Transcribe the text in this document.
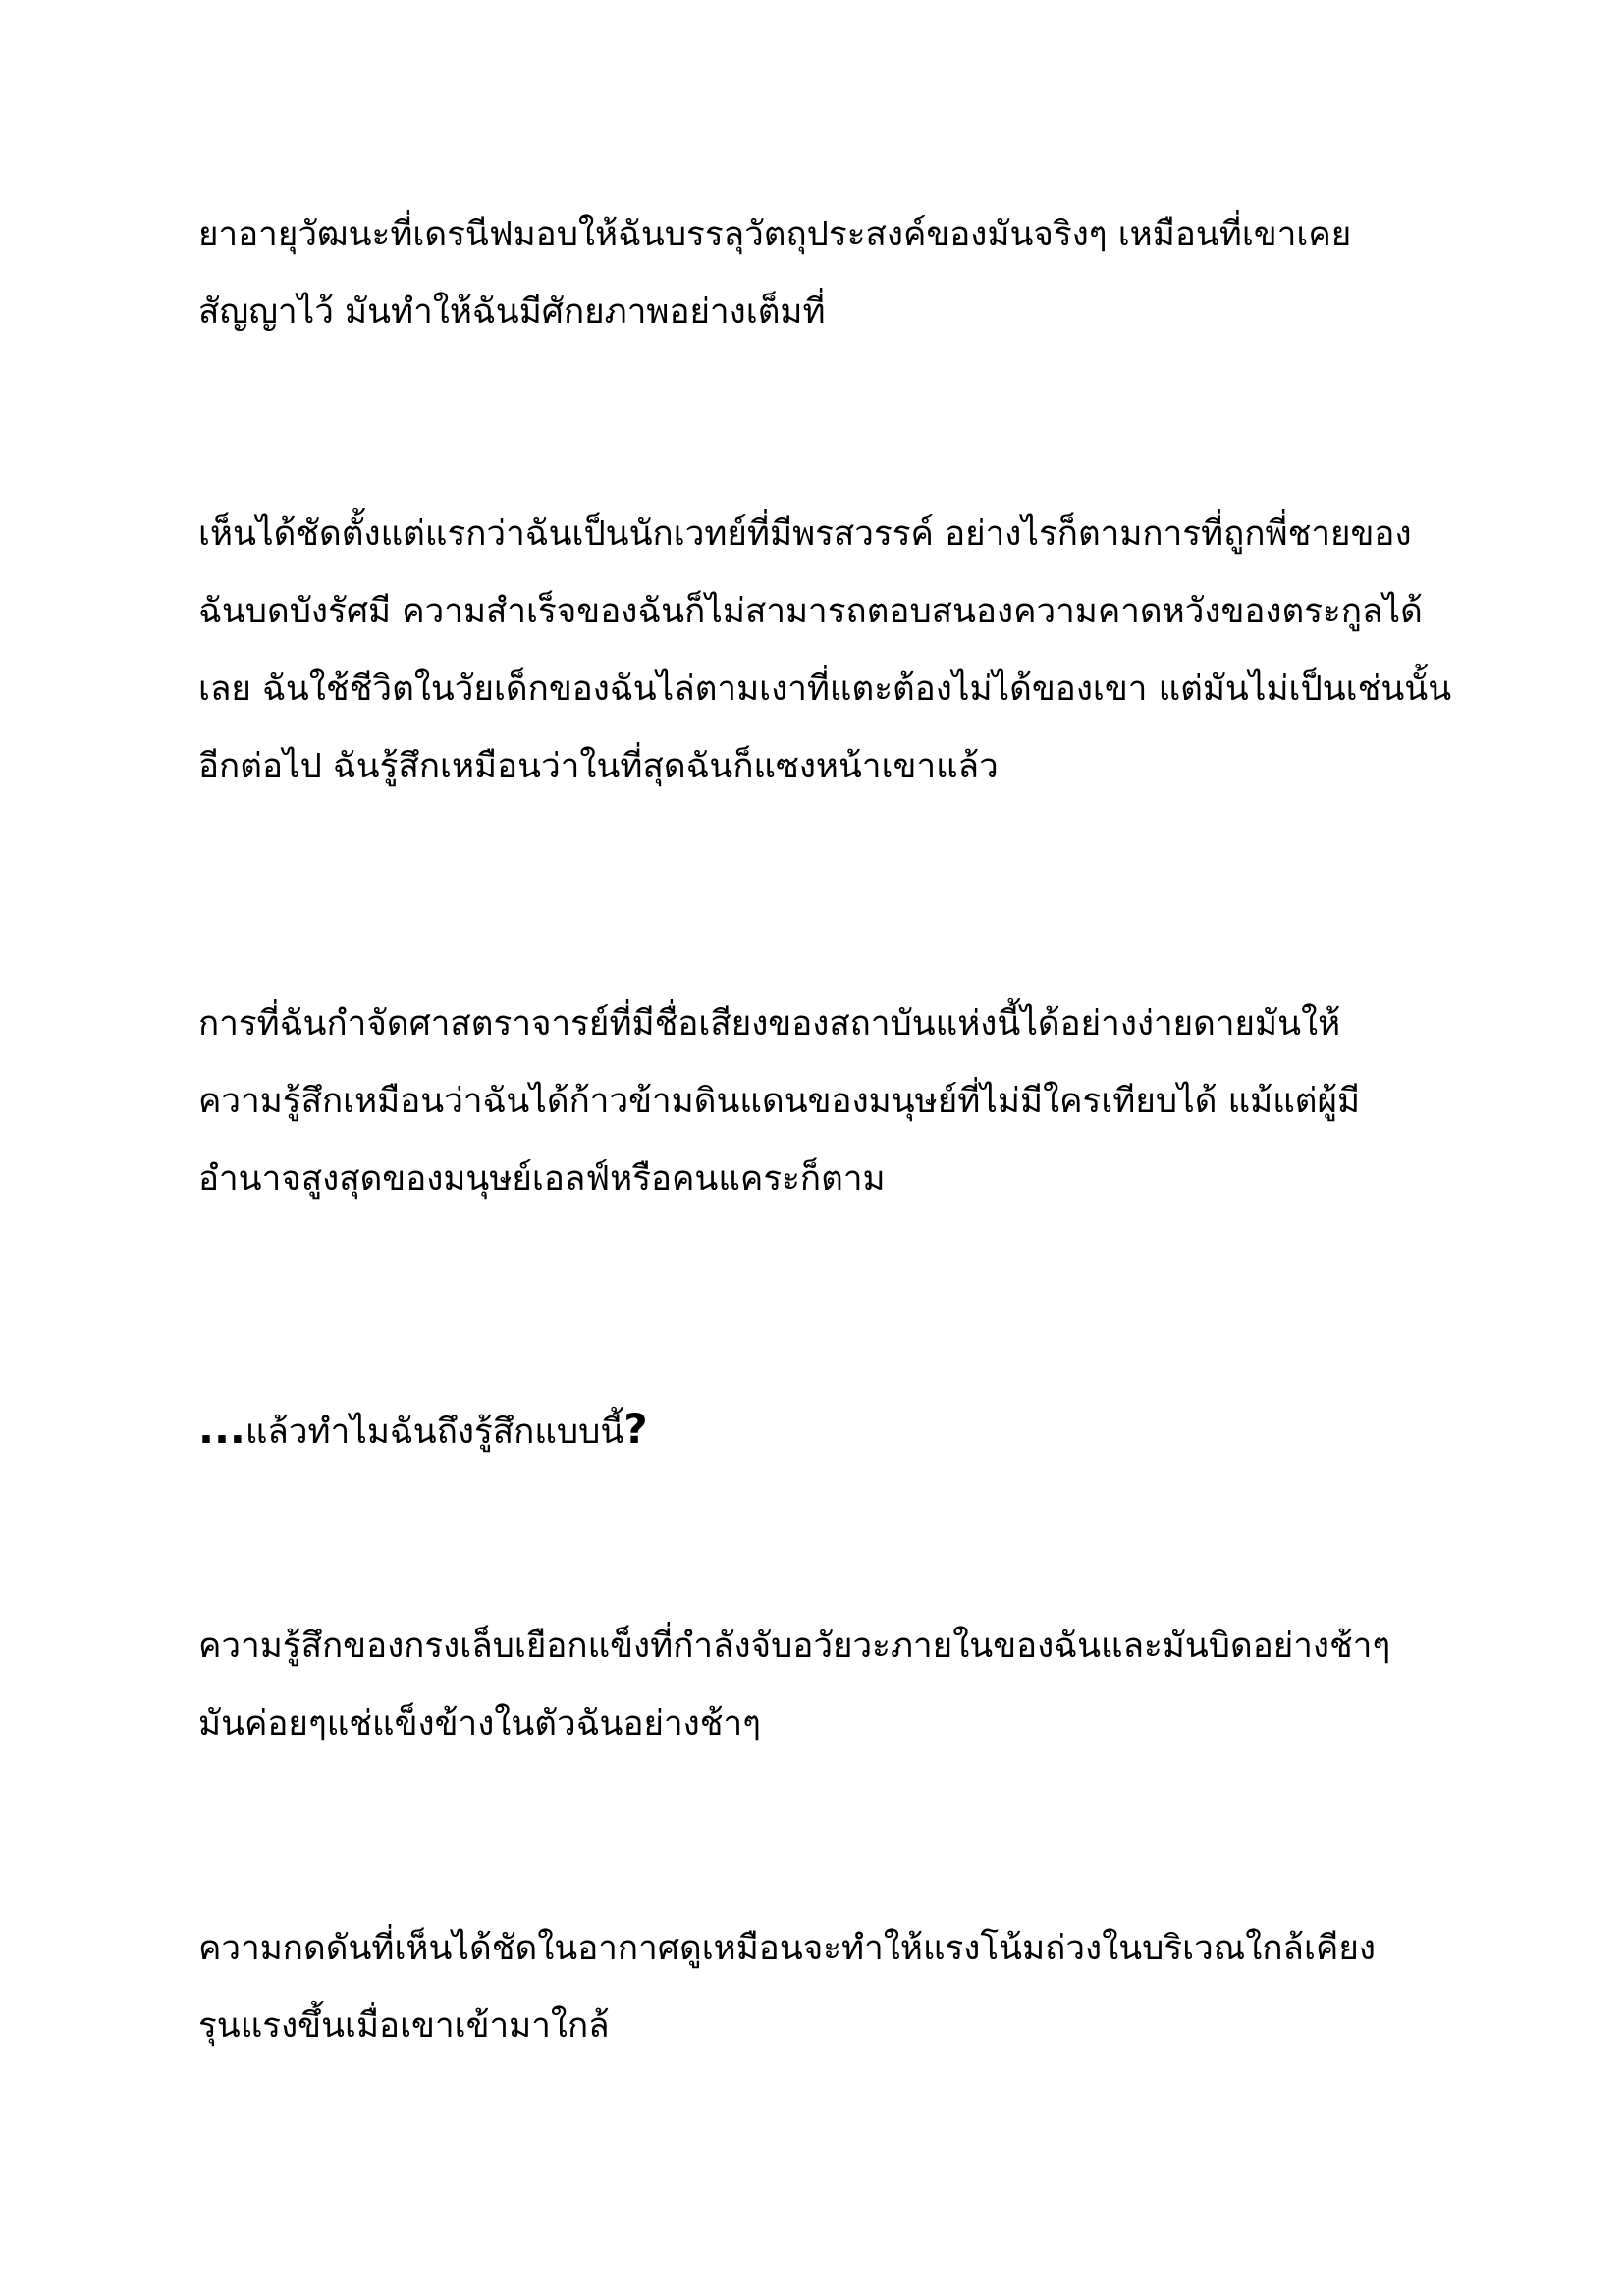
ยาอายุวัฒนะที่เดรนีฟมอบให้ฉันบรรลุวัตถุประสงค์ของมันจริงๆ เหมือนที่เขาเคย
สัญญาไว้ มันทำให้ฉันมีศักยภาพอย่างเต็มที่

เห็นได้ชัดตั้งแต่แรกว่าฉันเป็นนักเวทย์ที่มีพรสวรรค์ อย่างไรก็ตามการที่ถูกพี่ชายของ
ฉันบดบังรัศมี ความสำเร็จของฉันก็ไม่สามารถตอบสนองความคาดหวังของตระกูลได้
เลย ฉันใช้ชีวิตในวัยเด็กของฉันไล่ตามเงาที่แตะต้องไม่ได้ของเขา แต่มันไม่เป็นเช่นนั้น
อีกต่อไป ฉันรู้สึกเหมือนว่าในที่สุดฉันก็แซงหน้าเขาแล้ว

การที่ฉันกำจัดศาสตราจารย์ที่มีชื่อเสียงของสถาบันแห่งนี้ได้อย่างง่ายดายมันให้
ความรู้สึกเหมือนว่าฉันได้ก้าวข้ามดินแดนของมนุษย์ที่ไม่มีใครเทียบได้ แม้แต่ผู้มี
อำนาจสูงสุดของมนุษย์เอลฟ์หรือคนแคระก็ตาม

...แล้วทำไมฉันถึงรู้สึกแบบนี้?

ความรู้สึกของกรงเล็บเยือกแข็งที่กำลังจับอวัยวะภายในของฉันและมันบิดอย่างช้าๆ
มันค่อยๆแช่แข็งข้างในตัวฉันอย่างช้าๆ

ความกดดันที่เห็นได้ชัดในอากาศดูเหมือนจะทำให้แรงโน้มถ่วงในบริเวณใกล้เคียง
รุนแรงขึ้นเมื่อเขาเข้ามาใกล้
